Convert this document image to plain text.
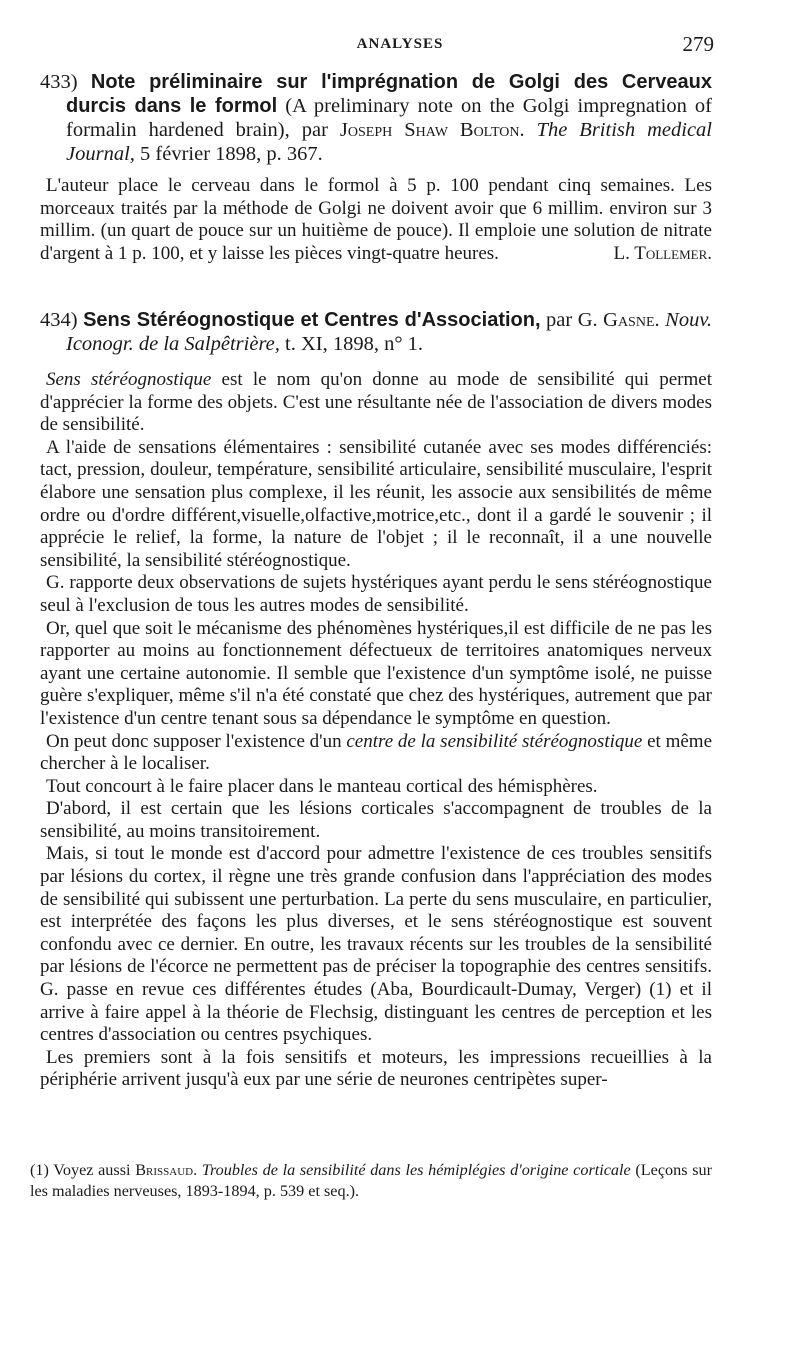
ANALYSES	279

433) Note préliminaire sur l'imprégnation de Golgi des Cerveaux durcis dans le formol (A preliminary note on the Golgi impregnation of formalin hardened brain), par Joseph Shaw Bolton. The British medical Journal, 5 février 1898, p. 367.

L'auteur place le cerveau dans le formol à 5 p. 100 pendant cinq semaines. Les morceaux traités par la méthode de Golgi ne doivent avoir que 6 millim. environ sur 3 millim. (un quart de pouce sur un huitième de pouce). Il emploie une solution de nitrate d'argent à 1 p. 100, et y laisse les pièces vingt-quatre heures.	L. Tollemer.

434) Sens Stéréognostique et Centres d'Association, par G. Gasne. Nouv. Iconogr. de la Salpêtrière, t. XI, 1898, n° 1.

Sens stéréognostique est le nom qu'on donne au mode de sensibilité qui permet d'apprécier la forme des objets. C'est une résultante née de l'association de divers modes de sensibilité.

A l'aide de sensations élémentaires : sensibilité cutanée avec ses modes différenciés: tact, pression, douleur, température, sensibilité articulaire, sensibilité musculaire, l'esprit élabore une sensation plus complexe, il les réunit, les associe aux sensibilités de même ordre ou d'ordre différent,visuelle,olfactive,motrice,etc., dont il a gardé le souvenir ; il apprécie le relief, la forme, la nature de l'objet ; il le reconnaît, il a une nouvelle sensibilité, la sensibilité stéréognostique.

G. rapporte deux observations de sujets hystériques ayant perdu le sens stéréognostique seul à l'exclusion de tous les autres modes de sensibilité.

Or, quel que soit le mécanisme des phénomènes hystériques,il est difficile de ne pas les rapporter au moins au fonctionnement défectueux de territoires anatomiques nerveux ayant une certaine autonomie. Il semble que l'existence d'un symptôme isolé, ne puisse guère s'expliquer, même s'il n'a été constaté que chez des hystériques, autrement que par l'existence d'un centre tenant sous sa dépendance le symptôme en question.

On peut donc supposer l'existence d'un centre de la sensibilité stéréognostique et même chercher à le localiser.

Tout concourt à le faire placer dans le manteau cortical des hémisphères.

D'abord, il est certain que les lésions corticales s'accompagnent de troubles de la sensibilité, au moins transitoirement.

Mais, si tout le monde est d'accord pour admettre l'existence de ces troubles sensitifs par lésions du cortex, il règne une très grande confusion dans l'appréciation des modes de sensibilité qui subissent une perturbation. La perte du sens musculaire, en particulier, est interprétée des façons les plus diverses, et le sens stéréognostique est souvent confondu avec ce dernier. En outre, les travaux récents sur les troubles de la sensibilité par lésions de l'écorce ne permettent pas de préciser la topographie des centres sensitifs. G. passe en revue ces différentes études (Aba, Bourdicault-Dumay, Verger) (1) et il arrive à faire appel à la théorie de Flechsig, distinguant les centres de perception et les centres d'association ou centres psychiques.

Les premiers sont à la fois sensitifs et moteurs, les impressions recueillies à la périphérie arrivent jusqu'à eux par une série de neurones centripètes super-

(1) Voyez aussi Brissaud. Troubles de la sensibilité dans les hémiplégies d'origine corticale (Leçons sur les maladies nerveuses, 1893-1894, p. 539 et seq.).
